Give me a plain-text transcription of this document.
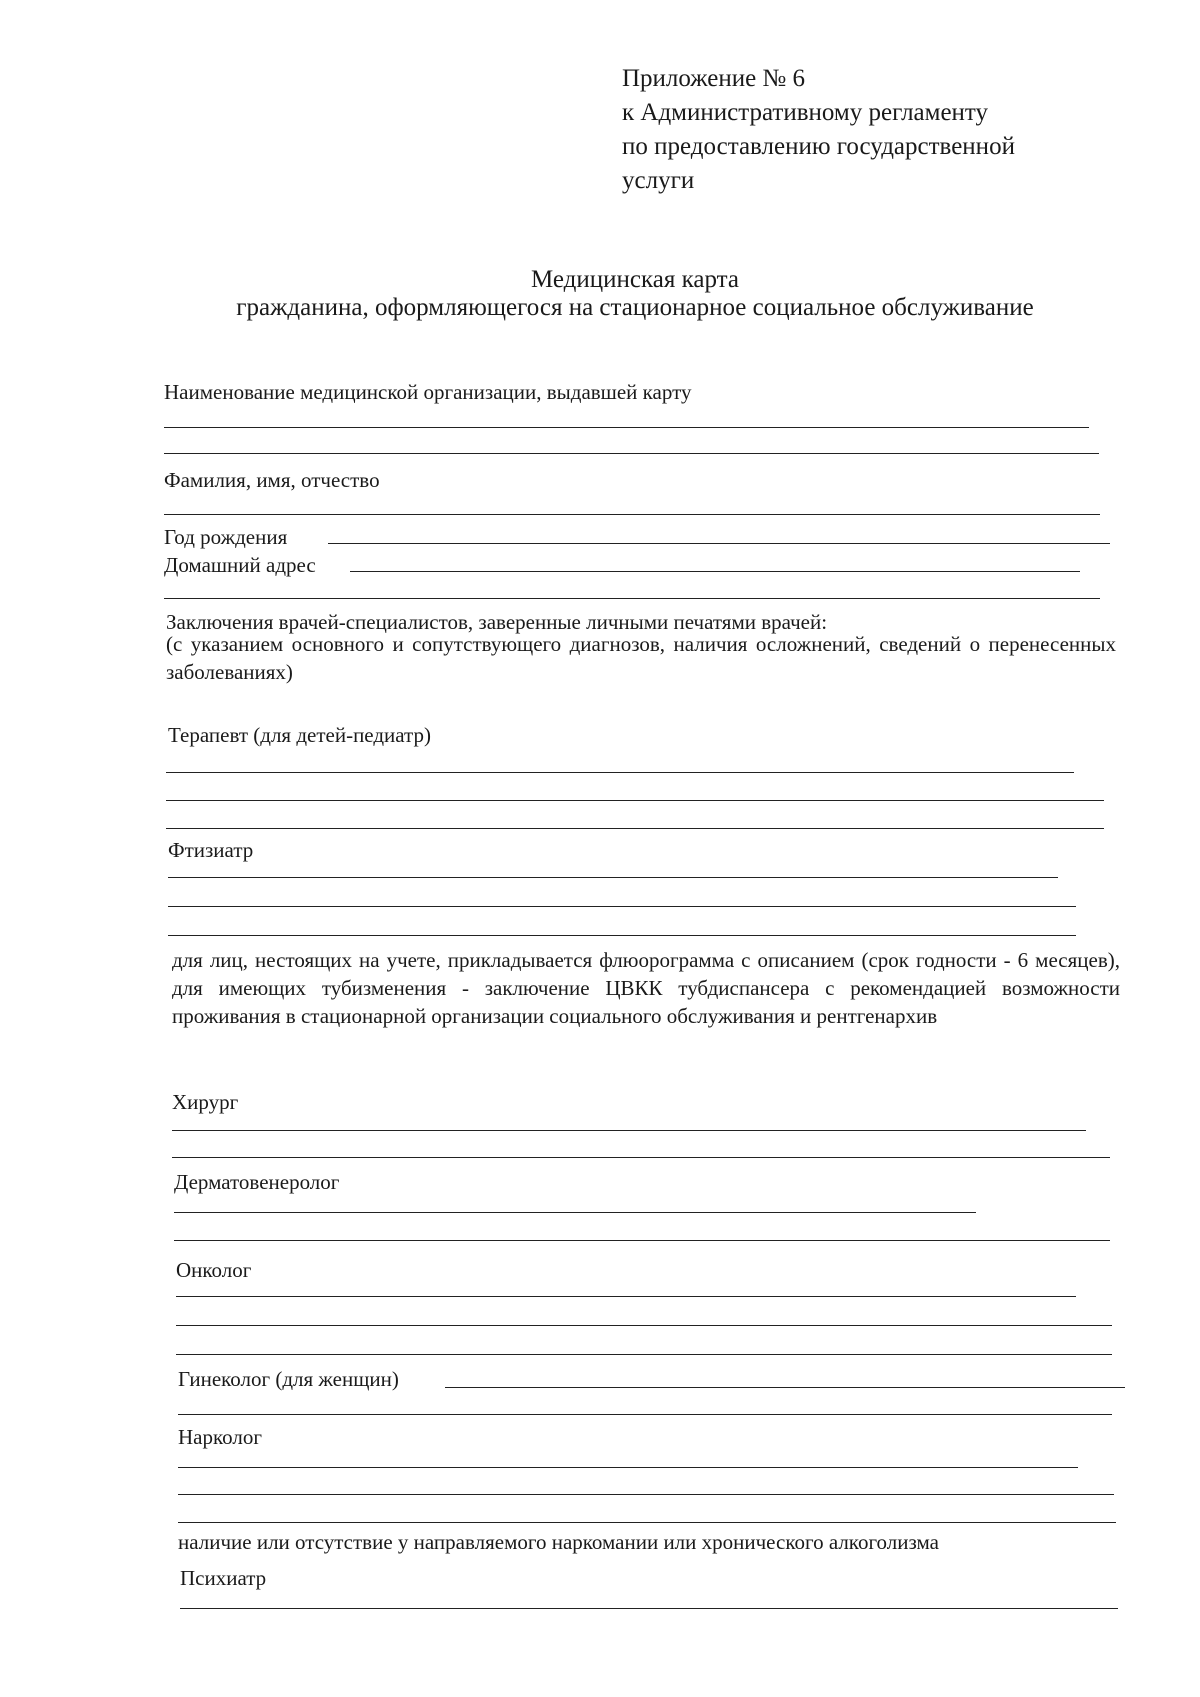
Приложение № 6
к Административному регламенту
по предоставлению государственной
услуги
Медицинская карта
гражданина, оформляющегося на стационарное социальное обслуживание
Наименование медицинской организации, выдавшей карту
Фамилия, имя, отчество
Год рождения
Домашний адрес
Заключения врачей-специалистов, заверенные личными печатями врачей:
(с указанием основного и сопутствующего диагнозов, наличия осложнений, сведений о перенесенных заболеваниях)
Терапевт (для детей-педиатр)
Фтизиатр
для лиц, нестоящих на учете, прикладывается флюорограмма с описанием (срок годности - 6 месяцев), для имеющих тубизменения - заключение ЦВКК тубдиспансера с рекомендацией возможности проживания в стационарной организации социального обслуживания и рентгенархив
Хирург
Дерматовенеролог
Онколог
Гинеколог (для женщин)
Нарколог
наличие или отсутствие у направляемого наркомании или хронического алкоголизма
Психиатр
